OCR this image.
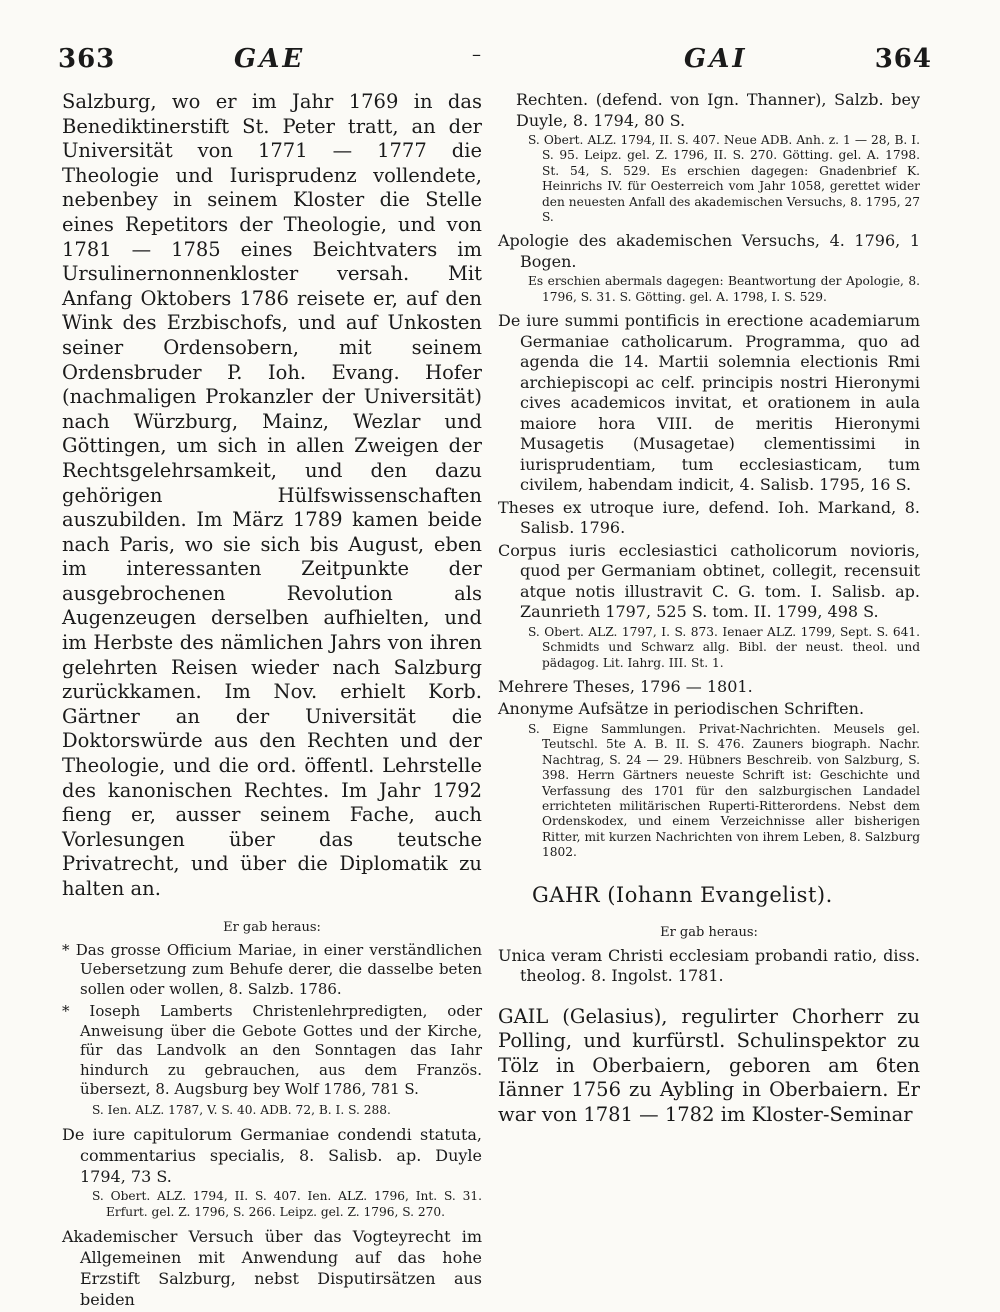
363	GAE	–	GAI	364

Salzburg, wo er im Jahr 1769 in das Benediktinerstift St. Peter tratt, an der Universität von 1771 — 1777 die Theologie und Iurisprudenz vollendete, nebenbey in seinem Kloster die Stelle eines Repetitors der Theologie, und von 1781 — 1785 eines Beichtvaters im Ursulinernonnenkloster versah. Mit Anfang Oktobers 1786 reisete er, auf den Wink des Erzbischofs, und auf Unkosten seiner Ordensobern, mit seinem Ordensbruder P. Ioh. Evang. Hofer (nachmaligen Prokanzler der Universität) nach Würzburg, Mainz, Wezlar und Göttingen, um sich in allen Zweigen der Rechtsgelehrsamkeit, und den dazu gehörigen Hülfswissenschaften auszubilden. Im März 1789 kamen beide nach Paris, wo sie sich bis August, eben im interessanten Zeitpunkte der ausgebrochenen Revolution als Augenzeugen derselben aufhielten, und im Herbste des nämlichen Jahrs von ihren gelehrten Reisen wieder nach Salzburg zurückkamen. Im Nov. erhielt Korb. Gärtner an der Universität die Doktorswürde aus den Rechten und der Theologie, und die ord. öffentl. Lehrstelle des kanonischen Rechtes. Im Jahr 1792 fieng er, ausser seinem Fache, auch Vorlesungen über das teutsche Privatrecht, und über die Diplomatik zu halten an.

Er gab heraus:

* Das grosse Officium Mariae, in einer verständlichen Uebersetzung zum Behufe derer, die dasselbe beten sollen oder wollen, 8. Salzb. 1786.

* Ioseph Lamberts Christenlehrpredigten, oder Anweisung über die Gebote Gottes und der Kirche, für das Landvolk an den Sonntagen das Iahr hindurch zu gebrauchen, aus dem Französ. übersezt, 8. Augsburg bey Wolf 1786, 781 S.

S. Ien. ALZ. 1787, V. S. 40. ADB. 72, B. I. S. 288.

De iure capitulorum Germaniae condendi statuta, commentarius specialis, 8. Salisb. ap. Duyle 1794, 73 S.

S. Obert. ALZ. 1794, II. S. 407. Ien. ALZ. 1796, Int. S. 31. Erfurt. gel. Z. 1796, S. 266. Leipz. gel. Z. 1796, S. 270.

Akademischer Versuch über das Vogteyrecht im Allgemeinen mit Anwendung auf das hohe Erzstift Salzburg, nebst Disputirsätzen aus beiden

Rechten. (defend. von Ign. Thanner), Salzb. bey Duyle, 8. 1794, 80 S.

S. Obert. ALZ. 1794, II. S. 407. Neue ADB. Anh. z. 1 — 28, B. I. S. 95. Leipz. gel. Z. 1796, II. S. 270. Götting. gel. A. 1798. St. 54, S. 529. Es erschien dagegen: Gnadenbrief K. Heinrichs IV. für Oesterreich vom Jahr 1058, gerettet wider den neuesten Anfall des akademischen Versuchs, 8. 1795, 27 S.

Apologie des akademischen Versuchs, 4. 1796, 1 Bogen.

Es erschien abermals dagegen: Beantwortung der Apologie, 8. 1796, S. 31. S. Götting. gel. A. 1798, I. S. 529.

De iure summi pontificis in erectione academiarum Germaniae catholicarum. Programma, quo ad agenda die 14. Martii solemnia electionis Rmi archiepiscopi ac celf. principis nostri Hieronymi cives academicos invitat, et orationem in aula maiore hora VIII. de meritis Hieronymi Musagetis (Musagetae) clementissimi in iurisprudentiam, tum ecclesiasticam, tum civilem, habendam indicit, 4. Salisb. 1795, 16 S.

Theses ex utroque iure, defend. Ioh. Markand, 8. Salisb. 1796.

Corpus iuris ecclesiastici catholicorum novioris, quod per Germaniam obtinet, collegit, recensuit atque notis illustravit C. G. tom. I. Salisb. ap. Zaunrieth 1797, 525 S. tom. II. 1799, 498 S.

S. Obert. ALZ. 1797, I. S. 873. Ienaer ALZ. 1799, Sept. S. 641. Schmidts und Schwarz allg. Bibl. der neust. theol. und pädagog. Lit. Iahrg. III. St. 1.

Mehrere Theses, 1796 — 1801.

Anonyme Aufsätze in periodischen Schriften.

S. Eigne Sammlungen. Privat-Nachrichten. Meusels gel. Teutschl. 5te A. B. II. S. 476. Zauners biograph. Nachr. Nachtrag, S. 24 — 29. Hübners Beschreib. von Salzburg, S. 398. Herrn Gärtners neueste Schrift ist: Geschichte und Verfassung des 1701 für den salzburgischen Landadel errichteten militärischen Ruperti-Ritterordens. Nebst dem Ordenskodex, und einem Verzeichnisse aller bisherigen Ritter, mit kurzen Nachrichten von ihrem Leben, 8. Salzburg 1802.

GAHR (Iohann Evangelist).
Er gab heraus:

Unica veram Christi ecclesiam probandi ratio, diss. theolog. 8. Ingolst. 1781.

GAIL (Gelasius), regulirter Chorherr zu Polling, und kurfürstl. Schulinspektor zu Tölz in Oberbaiern, geboren am 6ten Iänner 1756 zu Aybling in Oberbaiern. Er war von 1781 — 1782 im Kloster-Seminar
